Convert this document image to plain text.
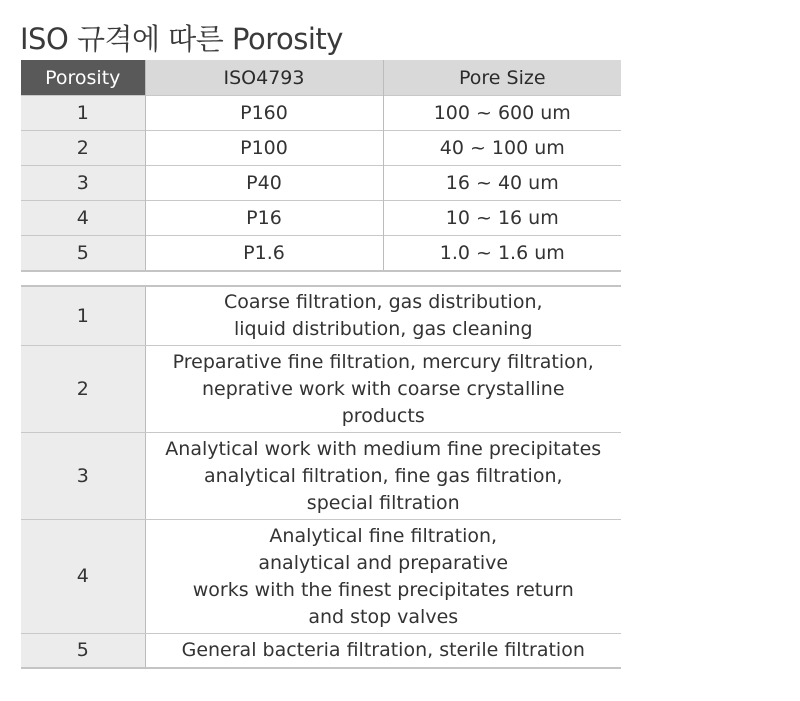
ISO 규격에 따른 Porosity
Porosity	ISO4793	Pore Size
1	P160	100 ~ 600 um
2	P100	40 ~ 100 um
3	P40	16 ~ 40 um
4	P16	10 ~ 16 um
5	P1.6	1.0 ~ 1.6 um
1	Coarse filtration, gas distribution,
liquid distribution, gas cleaning
2	Preparative fine filtration, mercury filtration,
neprative work with coarse crystalline
products
3	Analytical work with medium fine precipitates
analytical filtration, fine gas filtration,
special filtration
4	Analytical fine filtration,
analytical and preparative
works with the finest precipitates return
and stop valves
5	General bacteria filtration, sterile filtration
